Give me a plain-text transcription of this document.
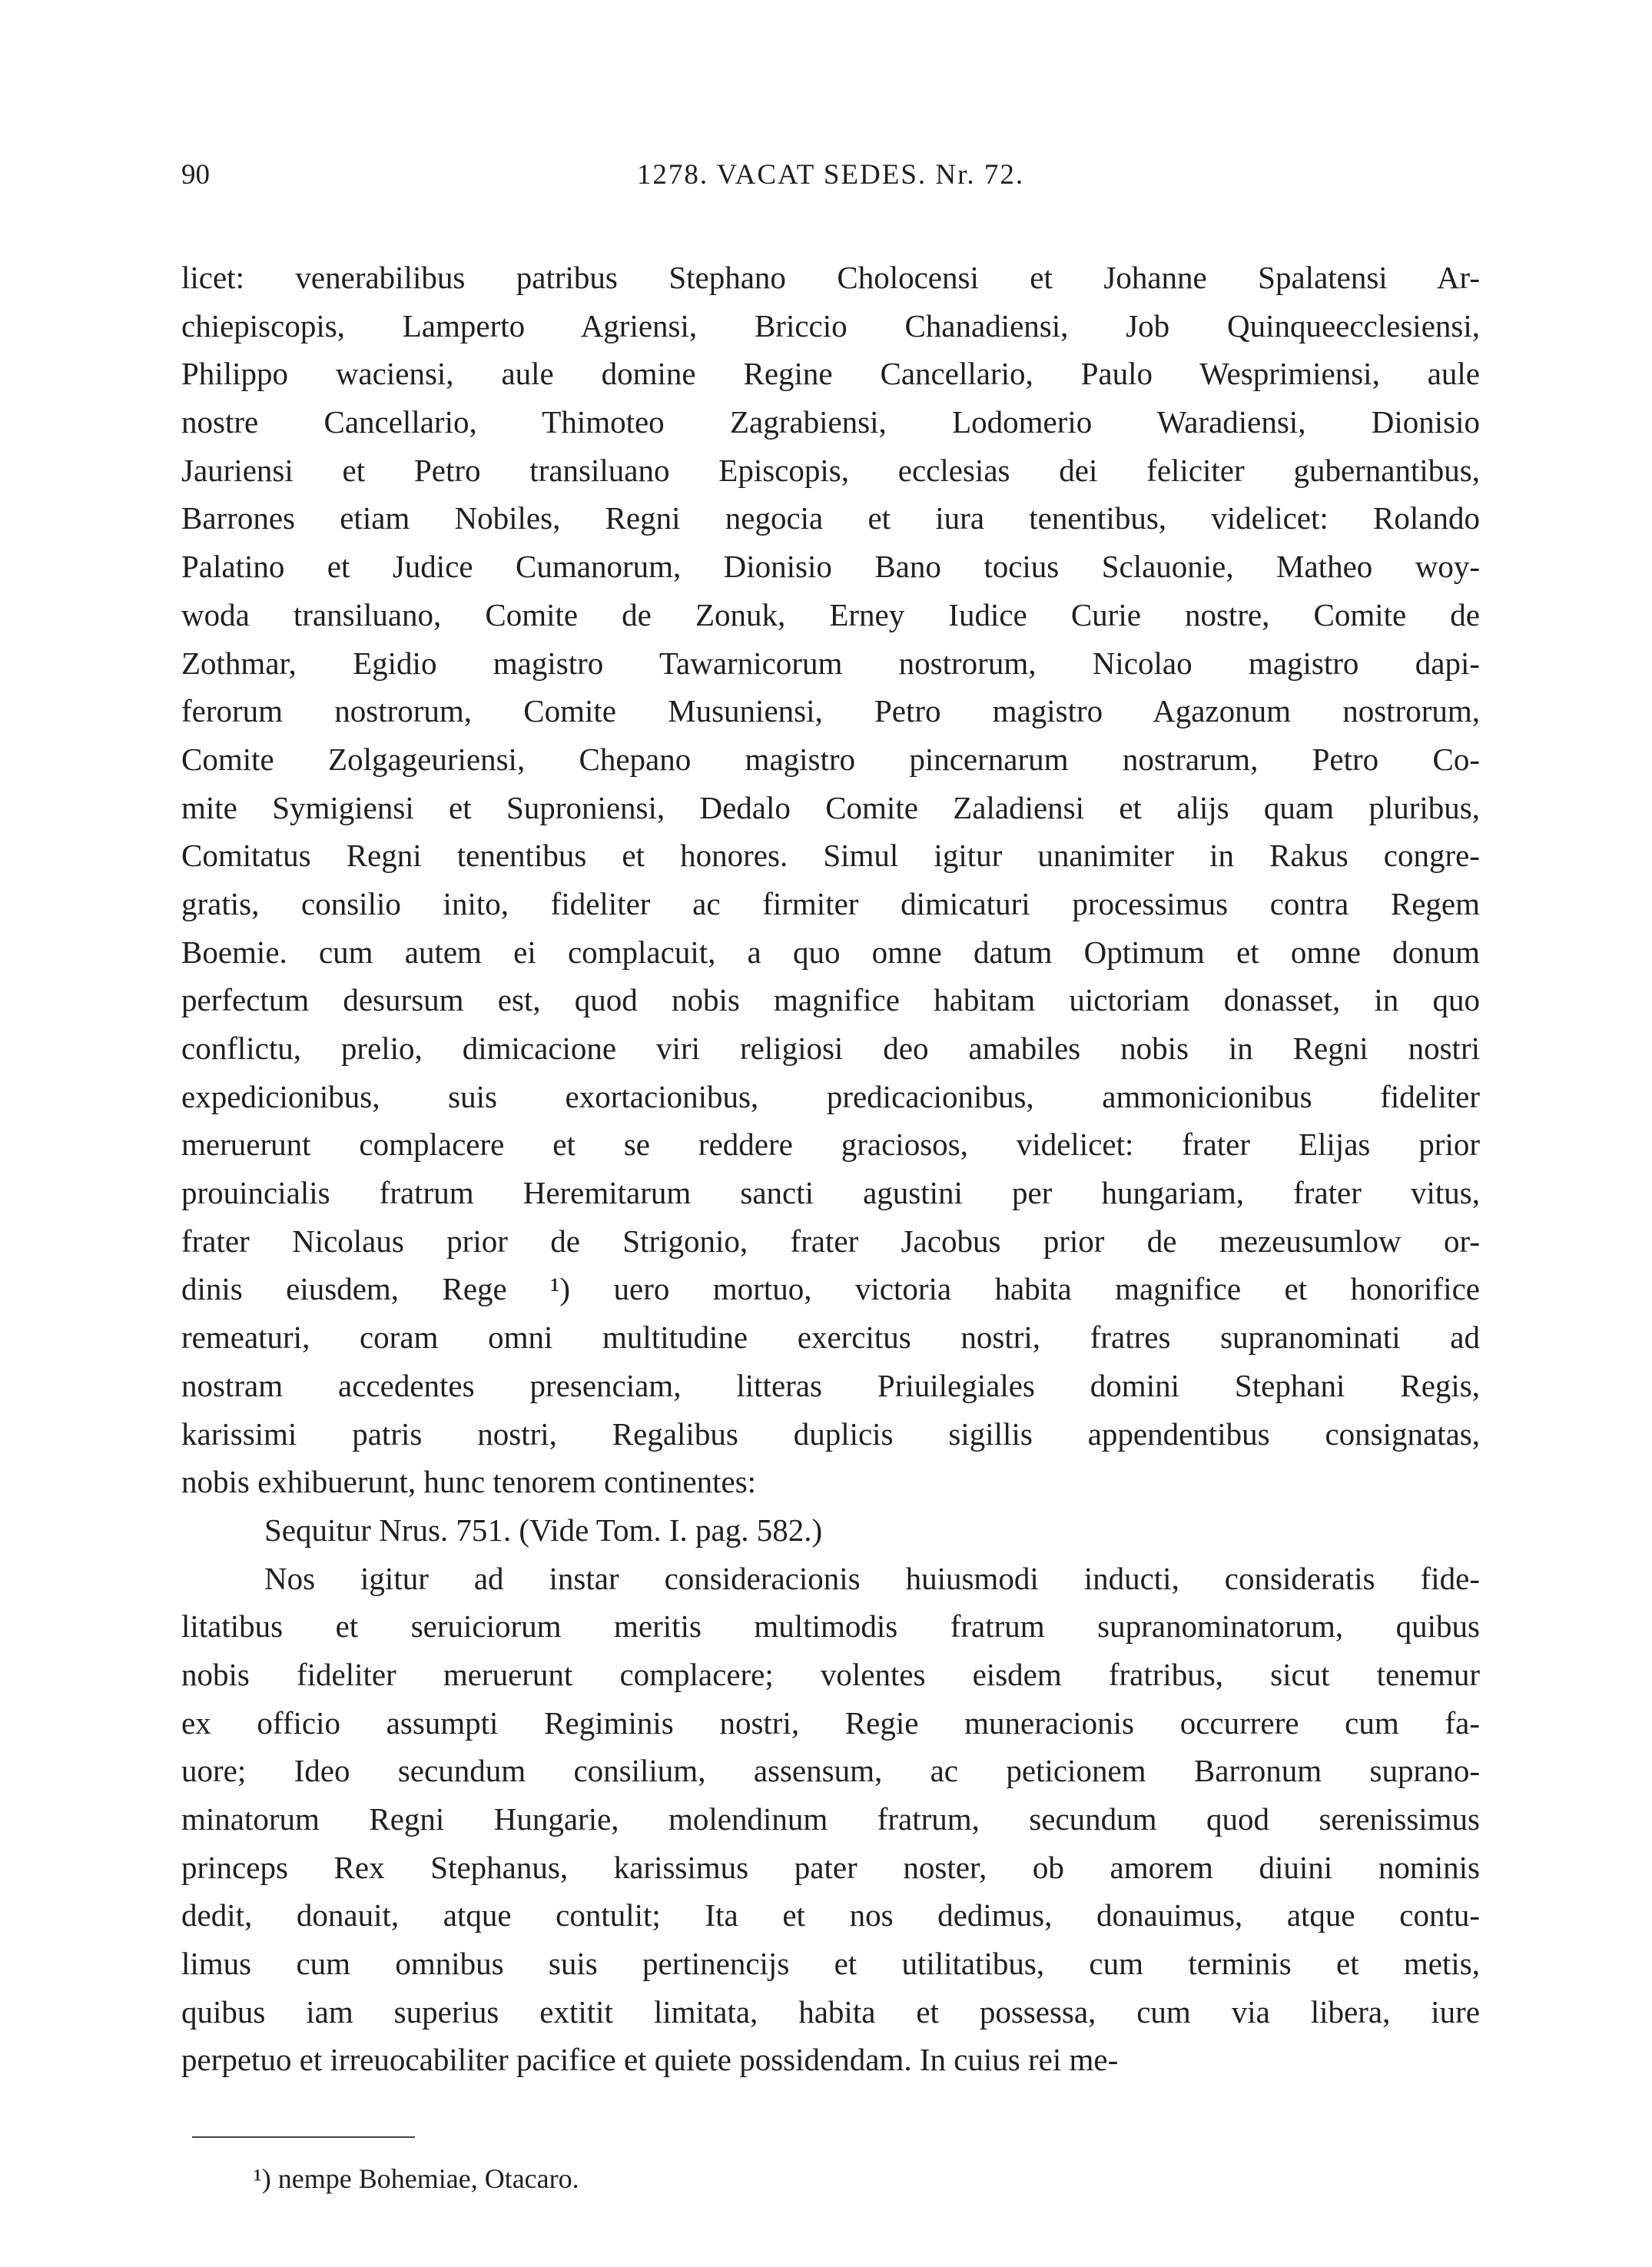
90	1278. VACAT SEDES. Nr. 72.
licet: venerabilibus patribus Stephano Cholocensi et Johanne Spalatensi Ar-
chiepiscopis, Lamperto Agriensi, Briccio Chanadiensi, Job Quinqueecclesiensi,
Philippo waciensi, aule domine Regine Cancellario, Paulo Wesprimiensi, aule
nostre Cancellario, Thimoteo Zagrabiensi, Lodomerio Waradiensi, Dionisio
Jauriensi et Petro transiluano Episcopis, ecclesias dei feliciter gubernantibus,
Barrones etiam Nobiles, Regni negocia et iura tenentibus, videlicet: Rolando
Palatino et Judice Cumanorum, Dionisio Bano tocius Sclauonie, Matheo woy-
woda transiluano, Comite de Zonuk, Erney Iudice Curie nostre, Comite de
Zothmar, Egidio magistro Tawarnicorum nostrorum, Nicolao magistro dapi-
ferorum nostrorum, Comite Musuniensi, Petro magistro Agazonum nostrorum,
Comite Zolgageuriensi, Chepano magistro pincernarum nostrarum, Petro Co-
mite Symigiensi et Suproniensi, Dedalo Comite Zaladiensi et alijs quam pluribus,
Comitatus Regni tenentibus et honores. Simul igitur unanimiter in Rakus congre-
gratis, consilio inito, fideliter ac firmiter dimicaturi processimus contra Regem
Boemie. cum autem ei complacuit, a quo omne datum Optimum et omne donum
perfectum desursum est, quod nobis magnifice habitam uictoriam donasset, in quo
conflictu, prelio, dimicacione viri religiosi deo amabiles nobis in Regni nostri
expedicionibus, suis exortacionibus, predicacionibus, ammonicionibus fideliter
meruerunt complacere et se reddere graciosos, videlicet: frater Elijas prior
prouincialis fratrum Heremitarum sancti agustini per hungariam, frater vitus,
frater Nicolaus prior de Strigonio, frater Jacobus prior de mezeusumlow or-
dinis eiusdem, Rege ¹) uero mortuo, victoria habita magnifice et honorifice
remeaturi, coram omni multitudine exercitus nostri, fratres supranominati ad
nostram accedentes presenciam, litteras Priuilegiales domini Stephani Regis,
karissimi patris nostri, Regalibus duplicis sigillis appendentibus consignatas,
nobis exhibuerunt, hunc tenorem continentes:
Sequitur Nrus. 751. (Vide Tom. I. pag. 582.)
Nos igitur ad instar consideracionis huiusmodi inducti, consideratis fide-
litatibus et seruiciorum meritis multimodis fratrum supranominatorum, quibus
nobis fideliter meruerunt complacere; volentes eisdem fratribus, sicut tenemur
ex officio assumpti Regiminis nostri, Regie muneracionis occurrere cum fa-
uore; Ideo secundum consilium, assensum, ac peticionem Barronum suprano-
minatorum Regni Hungarie, molendinum fratrum, secundum quod serenissimus
princeps Rex Stephanus, karissimus pater noster, ob amorem diuini nominis
dedit, donauit, atque contulit; Ita et nos dedimus, donauimus, atque contu-
limus cum omnibus suis pertinencijs et utilitatibus, cum terminis et metis,
quibus iam superius extitit limitata, habita et possessa, cum via libera, iure
perpetuo et irreuocabiliter pacifice et quiete possidendam. In cuius rei me-
¹) nempe Bohemiae, Otacaro.
